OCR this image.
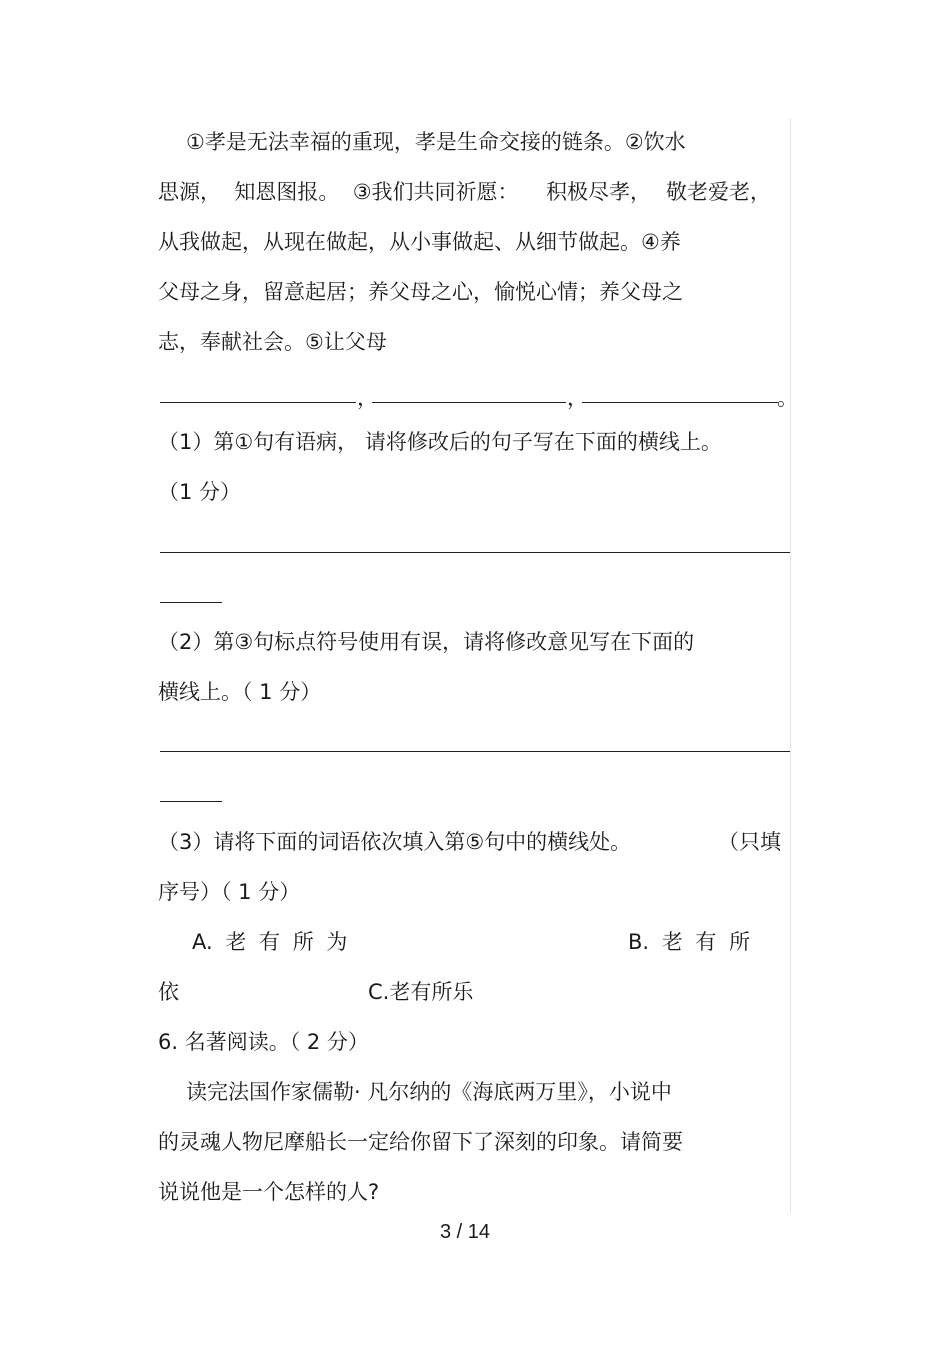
①孝是无法幸福的重现，孝是生命交接的链条。②饮水
思源，  知恩图报。  ③我们共同祈愿： 积极尽孝， 敬老爱老，
从我做起，从现在做起，从小事做起、从细节做起。④养
父母之身，留意起居；养父母之心，愉悦心情；养父母之
志，奉献社会。⑤让父母
，	，	。
（1）第①句有语病， 请将修改后的句子写在下面的横线上。
（1 分）
（2）第③句标点符号使用有误，请将修改意见写在下面的
横线上。（ 1 分）
（3）请将下面的词语依次填入第⑤句中的横线处。	（只填
序号）（ 1 分）
A. 老 有 所 为	B. 老 有 所
依	C.老有所乐
6. 名著阅读。（ 2 分）
读完法国作家儒勒· 凡尔纳的《海底两万里》，小说中
的灵魂人物尼摩船长一定给你留下了深刻的印象。请简要
说说他是一个怎样的人?
3 / 14
